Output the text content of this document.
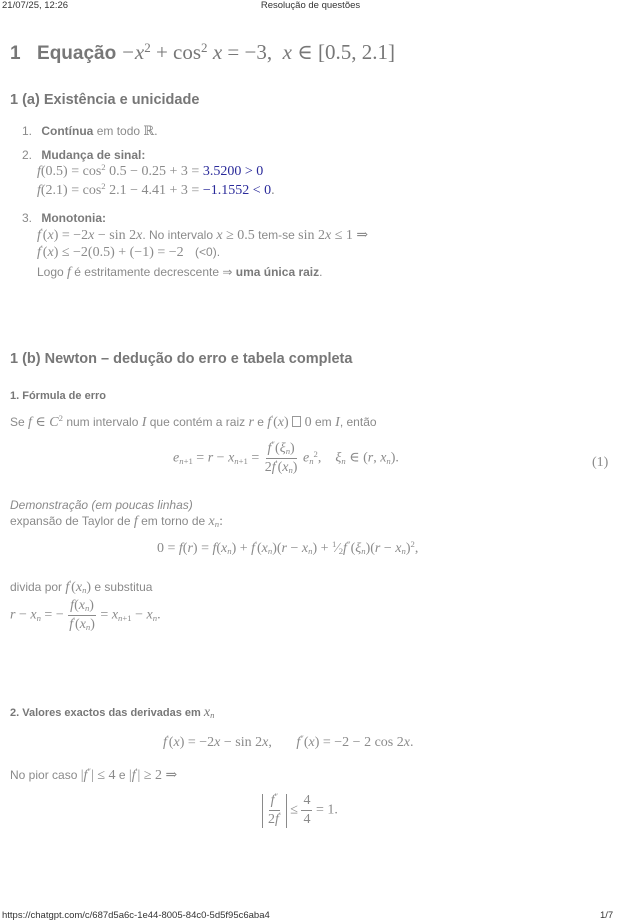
21/07/25, 12:26	Resolução de questões
1 Equação $-x^2 + \cos^2 x = -3$,  x ∈ [0.5, 2.1]
1 (a) Existência e unicidade
1. Contínua em todo ℝ.
2. Mudança de sinal:
$f(0.5) = \cos^2 0.5 - 0.25 + 3 = 3.5200 > 0$
$f(2.1) = \cos^2 2.1 - 4.41 + 3 = -1.1552 < 0$.
3. Monotonia:
f′(x) = −2x − sin 2x. No intervalo x ≥ 0.5 tem-se sin 2x ≤ 1 ⇒
f′(x) ≤ −2(0.5) + (−1) = −2 (<0).
Logo f é estritamente decrescente ⇒ uma única raiz.
1 (b) Newton – dedução do erro e tabela completa
1. Fórmula de erro
Se f ∈ $C^2$ num intervalo I que contém a raiz r e f′(x)  0 em I, então
$e_{n+1} = r - x_{n+1} = \frac{f''(\xi_n)}{2f'(x_n)} e_n^2$,    $\xi_n$ ∈ (r, $x_n$).	(1)
Demonstração (em poucas linhas)
expansão de Taylor de f em torno de $x_n$:
$0 = f(r) = f(x_n) + f'(x_n)(r - x_n)$ + $^1⁄_2f''(\xi_n)(r - x_n)^2$,
divida por $f'(x_n)$ e substitua
$r - x_n$ = − $\frac{f(x_n)}{f'(x_n)} = x_{n+1} - x_n$.
2. Valores exactos das derivadas em $x_n$
f′(x) = −2x − sin 2x,       f″(x) = −2 − 2 cos 2x.
No pior caso |f″| ≤ 4 e |f′| ≥ 2 ⇒
$\frac{f''}{2f'} \le \frac{4}{4} = 1$.
https://chatgpt.com/c/687d5a6c-1e44-8005-84c0-5d5f95c6aba4	1/7
